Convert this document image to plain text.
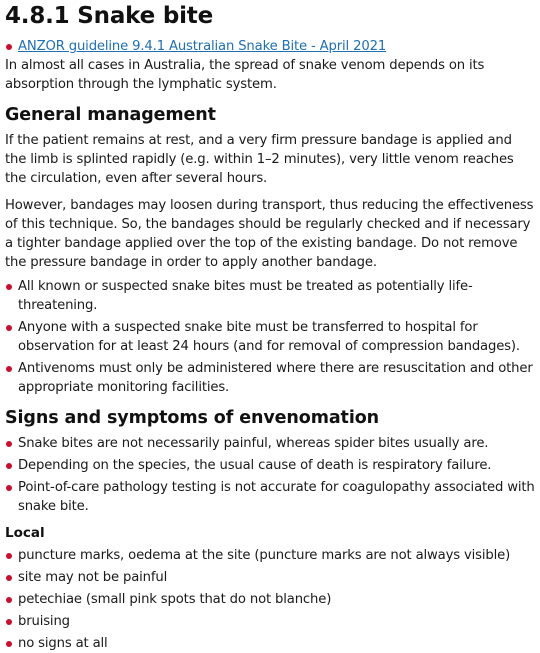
4.8.1 Snake bite
ANZOR guideline 9.4.1 Australian Snake Bite - April 2021

In almost all cases in Australia, the spread of snake venom depends on its absorption through the lymphatic system.

General management

If the patient remains at rest, and a very firm pressure bandage is applied and the limb is splinted rapidly (e.g. within 1–2 minutes), very little venom reaches the circulation, even after several hours.

However, bandages may loosen during transport, thus reducing the effectiveness of this technique. So, the bandages should be regularly checked and if necessary a tighter bandage applied over the top of the existing bandage. Do not remove the pressure bandage in order to apply another bandage.

All known or suspected snake bites must be treated as potentially life-threatening.
Anyone with a suspected snake bite must be transferred to hospital for observation for at least 24 hours (and for removal of compression bandages).
Antivenoms must only be administered where there are resuscitation and other appropriate monitoring facilities.
Signs and symptoms of envenomation
Snake bites are not necessarily painful, whereas spider bites usually are.
Depending on the species, the usual cause of death is respiratory failure.
Point-of-care pathology testing is not accurate for coagulopathy associated with snake bite.
Local
puncture marks, oedema at the site (puncture marks are not always visible)
site may not be painful
petechiae (small pink spots that do not blanche)
bruising
no signs at all
